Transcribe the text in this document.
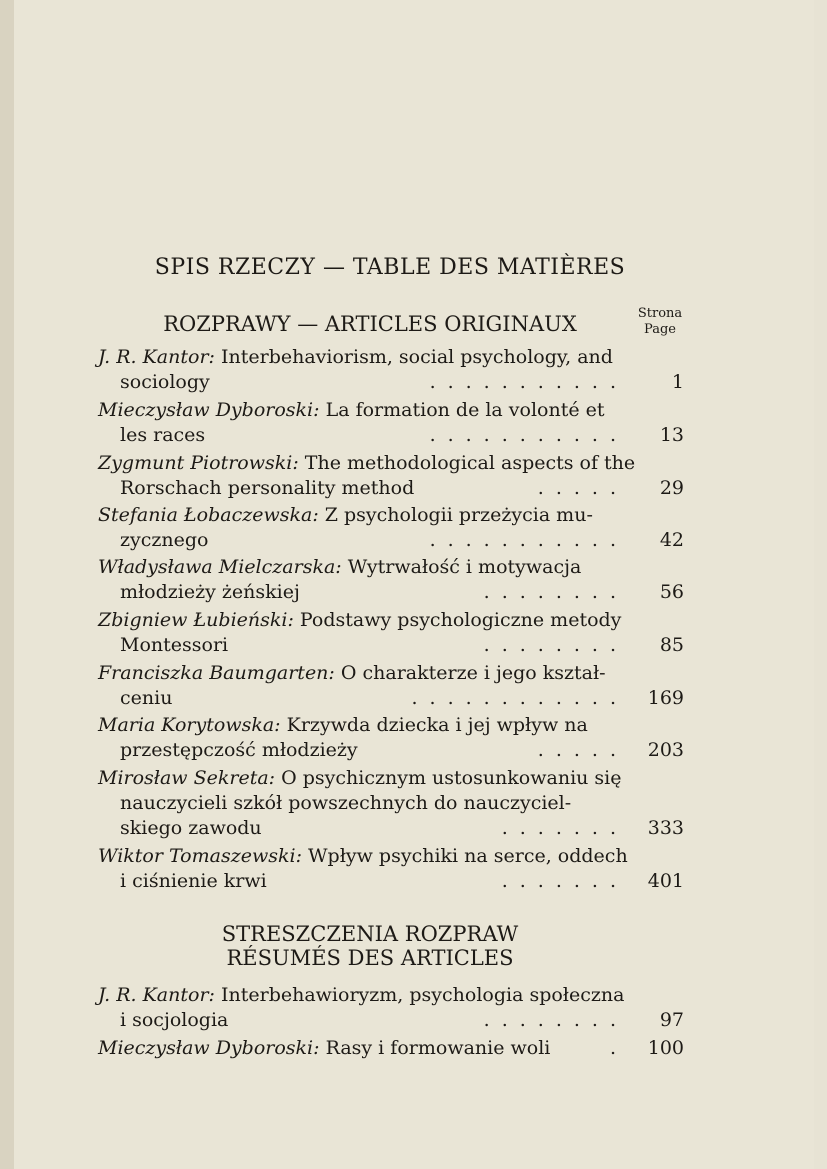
SPIS RZECZY — TABLE DES MATIÈRES
ROZPRAWY — ARTICLES ORIGINAUX	Strona
Page
J. R. Kantor: Interbehaviorism, social psychology, and
sociology	...........	1
Mieczysław Dyboroski: La formation de la volonté et
les races	...........	13
Zygmunt Piotrowski: The methodological aspects of the
Rorschach personality method	.....	29
Stefania Łobaczewska: Z psychologii przeżycia mu-
zycznego	...........	42
Władysława Mielczarska: Wytrwałość i motywacja
młodzieży żeńskiej	........	56
Zbigniew Łubieński: Podstawy psychologiczne metody
Montessori	........	85
Franciszka Baumgarten: O charakterze i jego kształ-
ceniu	............	169
Maria Korytowska: Krzywda dziecka i jej wpływ na
przestępczość młodzieży	.....	203
Mirosław Sekreta: O psychicznym ustosunkowaniu się
nauczycieli szkół powszechnych do nauczyciel-
skiego zawodu	.......	333
Wiktor Tomaszewski: Wpływ psychiki na serce, oddech
i ciśnienie krwi	.......	401
STRESZCZENIA ROZPRAW
RÉSUMÉS DES ARTICLES
J. R. Kantor: Interbehawioryzm, psychologia społeczna
i socjologia	........	97
Mieczysław Dyboroski:
Rasy i formowanie woli	.	100
